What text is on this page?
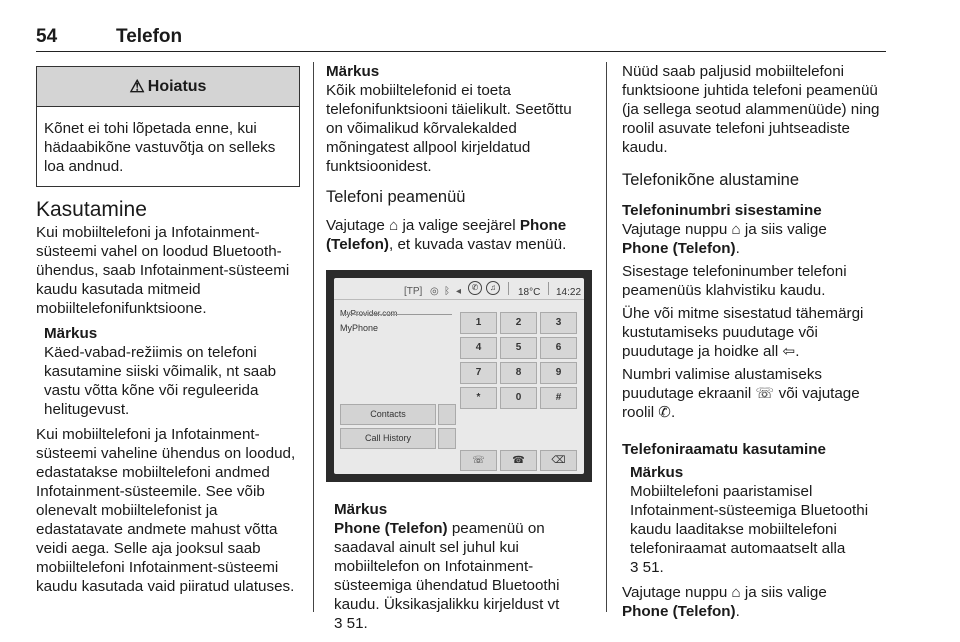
54	Telefon
⚠ Hoiatus
Kõnet ei tohi lõpetada enne, kui hädaabikõne vastuvõtja on selleks loa andnud.
Kasutamine

Kui mobiiltelefoni ja Infotainment-süsteemi vahel on loodud Bluetooth-ühendus, saab Infotainment-süsteemi kaudu kasutada mitmeid mobiiltelefonifunktsioone.

Märkus
Käed-vabad-režiimis on telefoni kasutamine siiski võimalik, nt saab vastu võtta kõne või reguleerida helitugevust.

Kui mobiiltelefoni ja Infotainment-süsteemi vaheline ühendus on loodud, edastatakse mobiiltelefoni andmed Infotainment-süsteemile. See võib olenevalt mobiiltelefonist ja edastatavate andmete mahust võtta veidi aega. Selle aja jooksul saab mobiiltelefoni Infotainment-süsteemi kaudu kasutada vaid piiratud ulatuses.

Märkus
Kõik mobiiltelefonid ei toeta telefonifunktsiooni täielikult. Seetõttu on võimalikud kõrvalekalded mõningatest allpool kirjeldatud funktsioonidest.
Telefoni peamenüü

Vajutage ⌂ ja valige seejärel Phone (Telefon), et kuvada vastav menüü.

[TP] ◎ ᛒ ◂	✆	♫	18°C 14:22
MyPhone	1	2	3
4	5	6
7	8	9
*	0	#
Contacts
Call History
☏	☎	⌫
Märkus
Phone (Telefon) peamenüü on saadaval ainult sel juhul kui mobiiltelefon on Infotainment-süsteemiga ühendatud Bluetoothi kaudu. Üksikasjalikku kirjeldust vt
3 51.

Nüüd saab paljusid mobiiltelefoni funktsioone juhtida telefoni peamenüü (ja sellega seotud alammenüüde) ning roolil asuvate telefoni juhtseadiste kaudu.

Telefonikõne alustamine
Telefoninumbri sisestamine

Vajutage nuppu ⌂ ja siis valige
Phone (Telefon).

Sisestage telefoninumber telefoni peamenüüs klahvistiku kaudu.

Ühe või mitme sisestatud tähemärgi kustutamiseks puudutage või puudutage ja hoidke all ⇦.

Numbri valimise alustamiseks puudutage ekraanil ☏ või vajutage roolil ✆.

Telefoniraamatu kasutamine
Märkus
Mobiiltelefoni paaristamisel Infotainment-süsteemiga Bluetoothi kaudu laaditakse mobiiltelefoni telefoniraamat automaatselt alla
3 51.

Vajutage nuppu ⌂ ja siis valige
Phone (Telefon).
